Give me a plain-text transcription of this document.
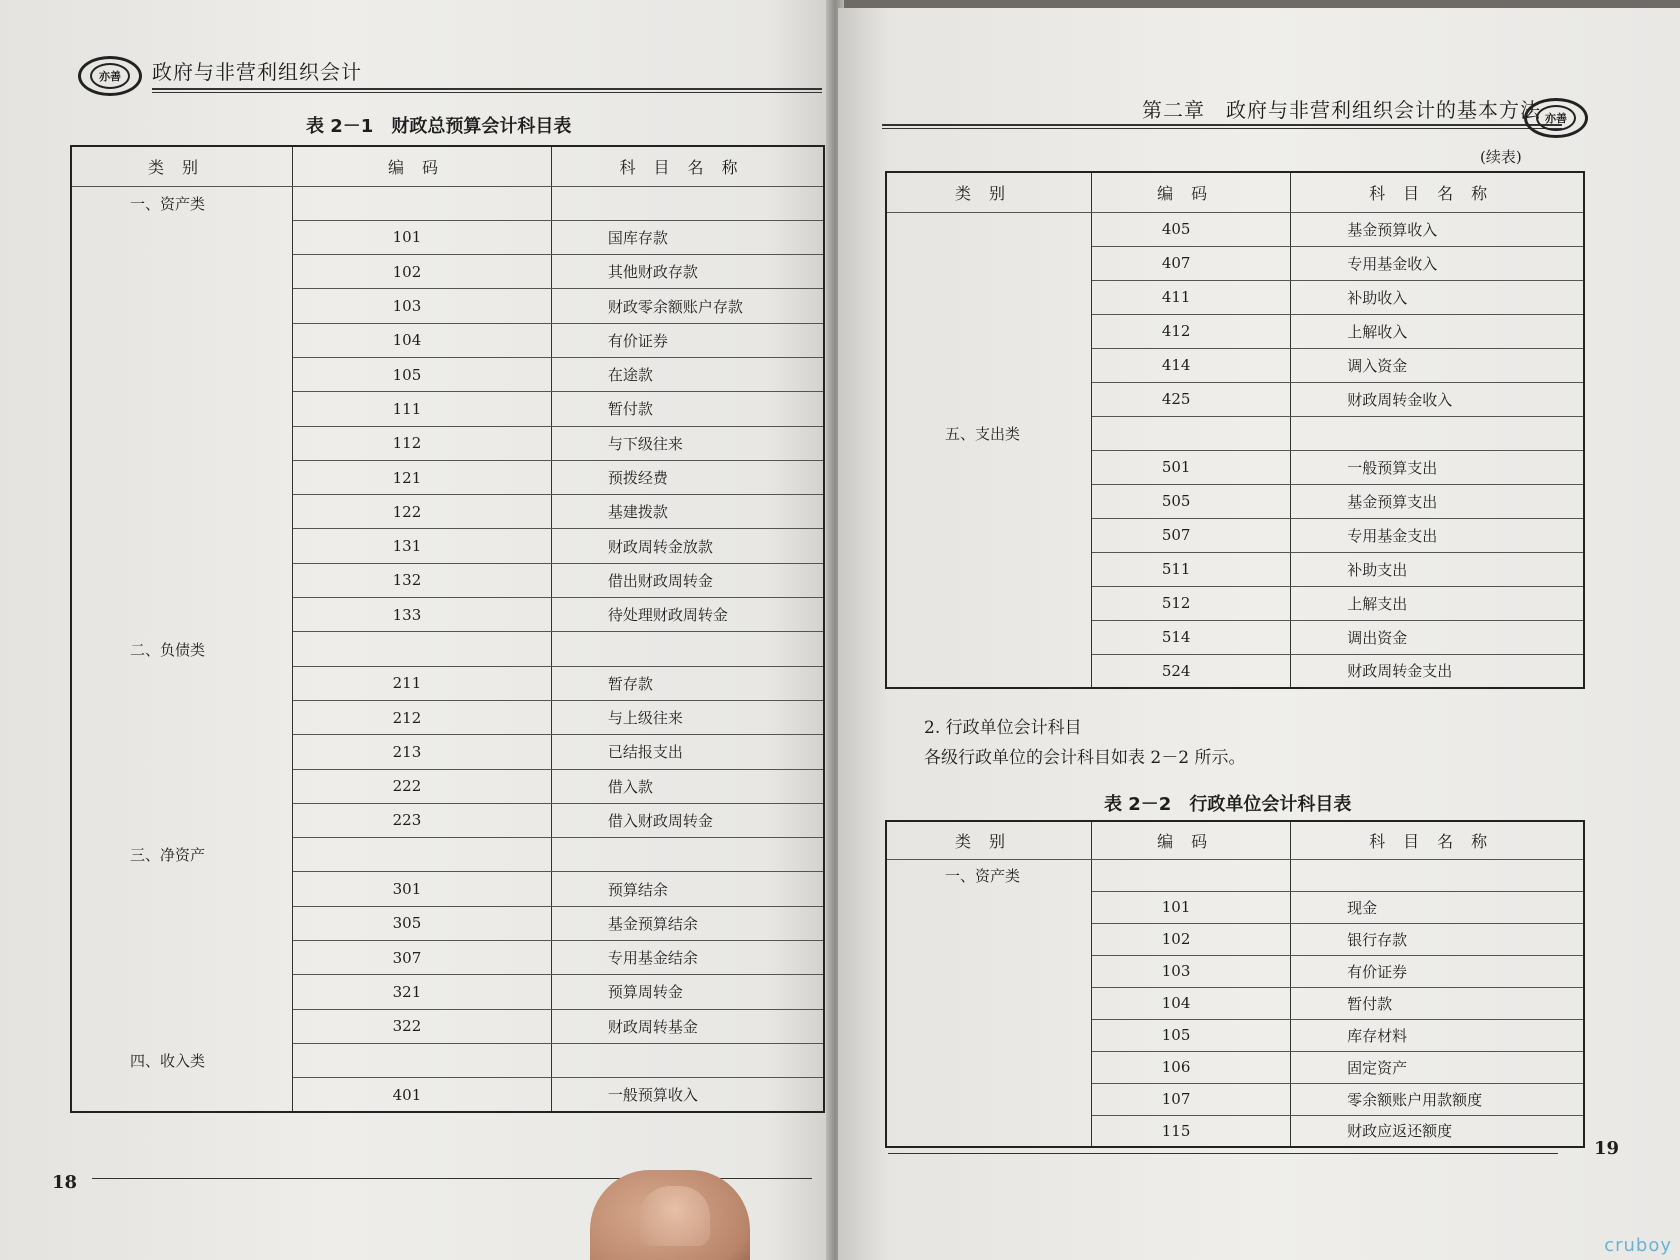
亦善 政府与非营利组织会计
表 2－1　财政总预算会计科目表
类别	编码	科目名称
一、资产类		
	101	国库存款
	102	其他财政存款
	103	财政零余额账户存款
	104	有价证券
	105	在途款
	111	暂付款
	112	与下级往来
	121	预拨经费
	122	基建拨款
	131	财政周转金放款
	132	借出财政周转金
	133	待处理财政周转金
二、负债类		
	211	暂存款
	212	与上级往来
	213	已结报支出
	222	借入款
	223	借入财政周转金
三、净资产		
	301	预算结余
	305	基金预算结余
	307	专用基金结余
	321	预算周转金
	322	财政周转基金
四、收入类		
	401	一般预算收入
18
第二章　政府与非营利组织会计的基本方法 亦善
(续表)
类别	编码	科目名称
	405	基金预算收入
	407	专用基金收入
	411	补助收入
	412	上解收入
	414	调入资金
	425	财政周转金收入
五、支出类		
	501	一般预算支出
	505	基金预算支出
	507	专用基金支出
	511	补助支出
	512	上解支出
	514	调出资金
	524	财政周转金支出
2. 行政单位会计科目
各级行政单位的会计科目如表 2－2 所示。
表 2－2　行政单位会计科目表
类别	编码	科目名称
一、资产类		
	101	现金
	102	银行存款
	103	有价证券
	104	暂付款
	105	库存材料
	106	固定资产
	107	零余额账户用款额度
	115	财政应返还额度
19
cruboy
